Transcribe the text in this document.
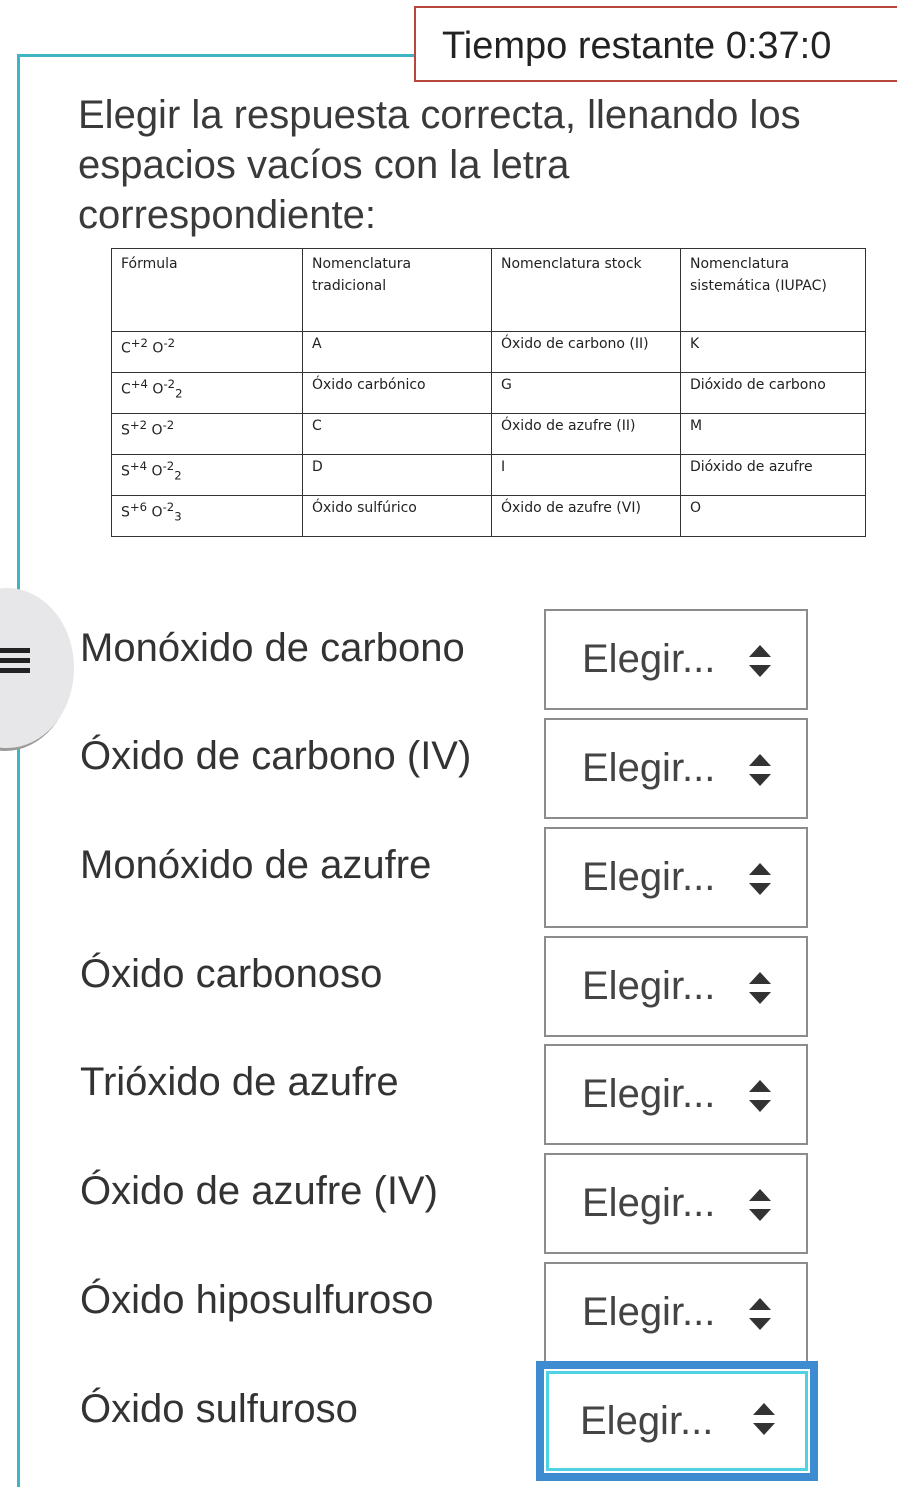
Tiempo restante 0:37:0
Elegir la respuesta correcta, llenando los
espacios vacíos con la letra
correspondiente:
Fórmula	Nomenclatura tradicional	Nomenclatura stock	Nomenclatura sistemática (IUPAC)
$C^{+2}$ $O^{-2}$	A	Óxido de carbono (II)	K
$C^{+4}$ $O^{-2}_2$	Óxido carbónico	G	Dióxido de carbono
$S^{+2}$ $O^{-2}$	C	Óxido de azufre (II)	M
$S^{+4}$ $O^{-2}_2$	D	I	Dióxido de azufre
$S^{+6}$ $O^{-2}_3$	Óxido sulfúrico	Óxido de azufre (VI)	O
Monóxido de carbono	Elegir...
Óxido de carbono (IV)	Elegir...
Monóxido de azufre	Elegir...
Óxido carbonoso	Elegir...
Trióxido de azufre	Elegir...
Óxido de azufre (IV)	Elegir...
Óxido hiposulfuroso	Elegir...
Óxido sulfuroso	Elegir...
